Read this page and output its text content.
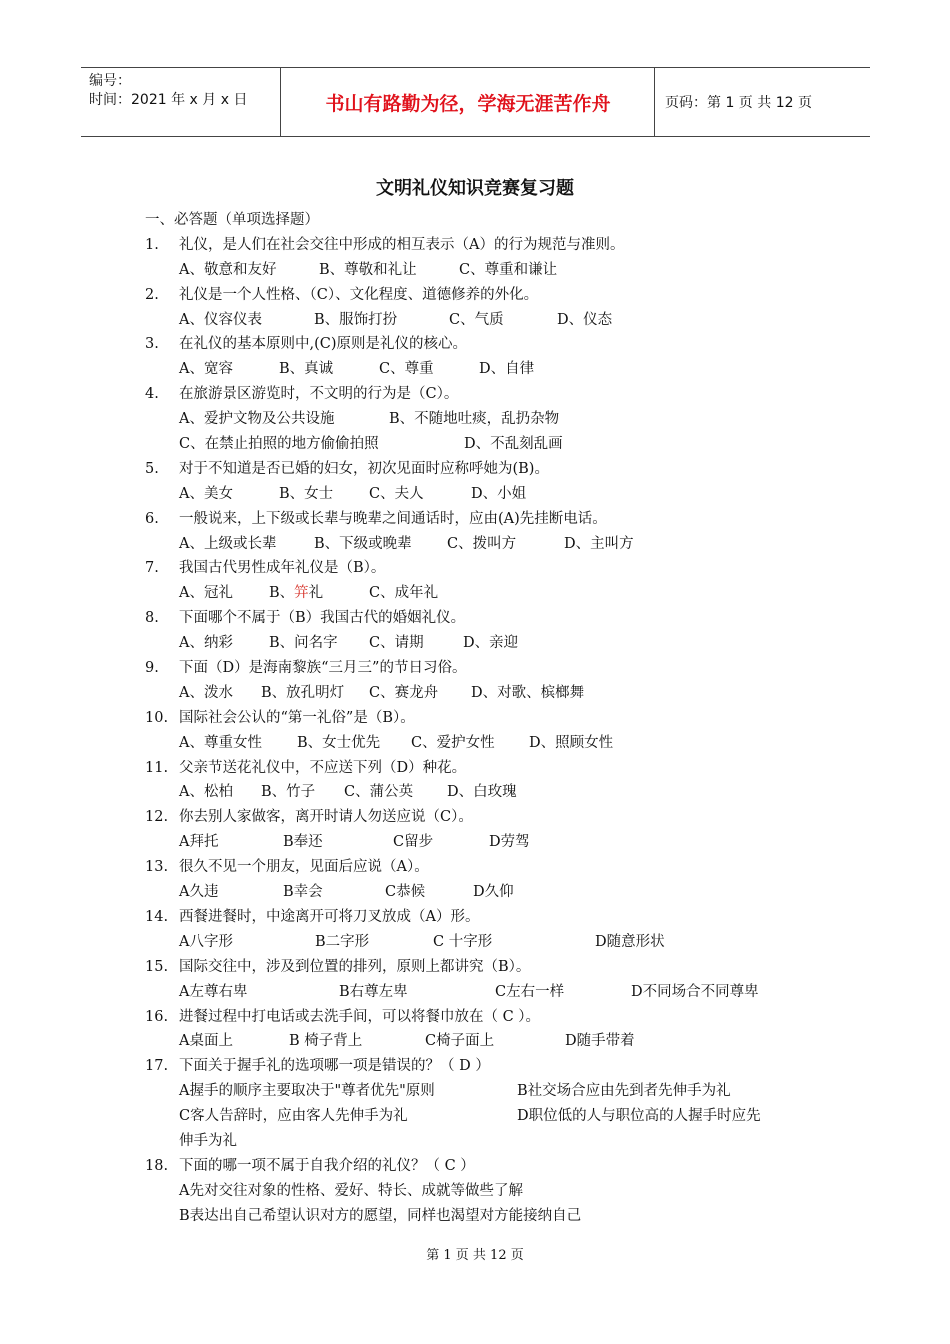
编号：
时间：2021 年 x 月 x 日	书山有路勤为径，学海无涯苦作舟	页码：第 1 页 共 12 页
文明礼仪知识竞赛复习题
一、必答题（单项选择题）
1. 礼仪，是人们在社会交往中形成的相互表示（A）的行为规范与准则。
A、敬意和友好	B、尊敬和礼让	C、尊重和谦让
2. 礼仪是一个人性格、（C）、文化程度、道德修养的外化。
A、仪容仪表	B、服饰打扮	C、气质	D、仪态
3. 在礼仪的基本原则中,(C)原则是礼仪的核心。
A、宽容	B、真诚	C、尊重	D、自律
4. 在旅游景区游览时，不文明的行为是（C）。
A、爱护文物及公共设施	B、不随地吐痰，乱扔杂物
C、在禁止拍照的地方偷偷拍照	D、不乱刻乱画
5. 对于不知道是否已婚的妇女，初次见面时应称呼她为(B)。
A、美女	B、女士 C、夫人	D、小姐
6. 一般说来，上下级或长辈与晚辈之间通话时，应由(A)先挂断电话。
A、上级或长辈	B、下级或晚辈 C、拨叫方	D、主叫方
7. 我国古代男性成年礼仪是（B）。
A、冠礼 B、笄礼	C、成年礼
8. 下面哪个不属于（B）我国古代的婚姻礼仪。
A、纳彩 B、问名字 C、请期	D、亲迎
9. 下面（D）是海南黎族“三月三”的节日习俗。
A、泼水 B、放孔明灯 C、赛龙舟 D、对歌、槟榔舞
10. 国际社会公认的“第一礼俗”是（B）。
A、尊重女性 B、女士优先 C、爱护女性 D、照顾女性
11. 父亲节送花礼仪中，不应送下列（D）种花。
A、松柏 B、竹子 C、蒲公英 D、白玫瑰
12. 你去别人家做客，离开时请人勿送应说（C）。
A拜托	B奉还	C留步	D劳驾
13. 很久不见一个朋友，见面后应说（A）。
A久违	B幸会	C恭候	D久仰
14. 西餐进餐时，中途离开可将刀叉放成（A）形。
A八字形	B二字形	C 十字形	D随意形状
15. 国际交往中，涉及到位置的排列，原则上都讲究（B）。
A左尊右卑	B右尊左卑	C左右一样	D不同场合不同尊卑
16. 进餐过程中打电话或去洗手间，可以将餐巾放在（ C ）。
A桌面上	B 椅子背上	C椅子面上	D随手带着
17. 下面关于握手礼的选项哪一项是错误的？（ D ）
A握手的顺序主要取决于"尊者优先"原则	B社交场合应由先到者先伸手为礼
C客人告辞时，应由客人先伸手为礼	D职位低的人与职位高的人握手时应先
伸手为礼
18. 下面的哪一项不属于自我介绍的礼仪？（ C ）
A先对交往对象的性格、爱好、特长、成就等做些了解
B表达出自己希望认识对方的愿望，同样也渴望对方能接纳自己
第 1 页 共 12 页
